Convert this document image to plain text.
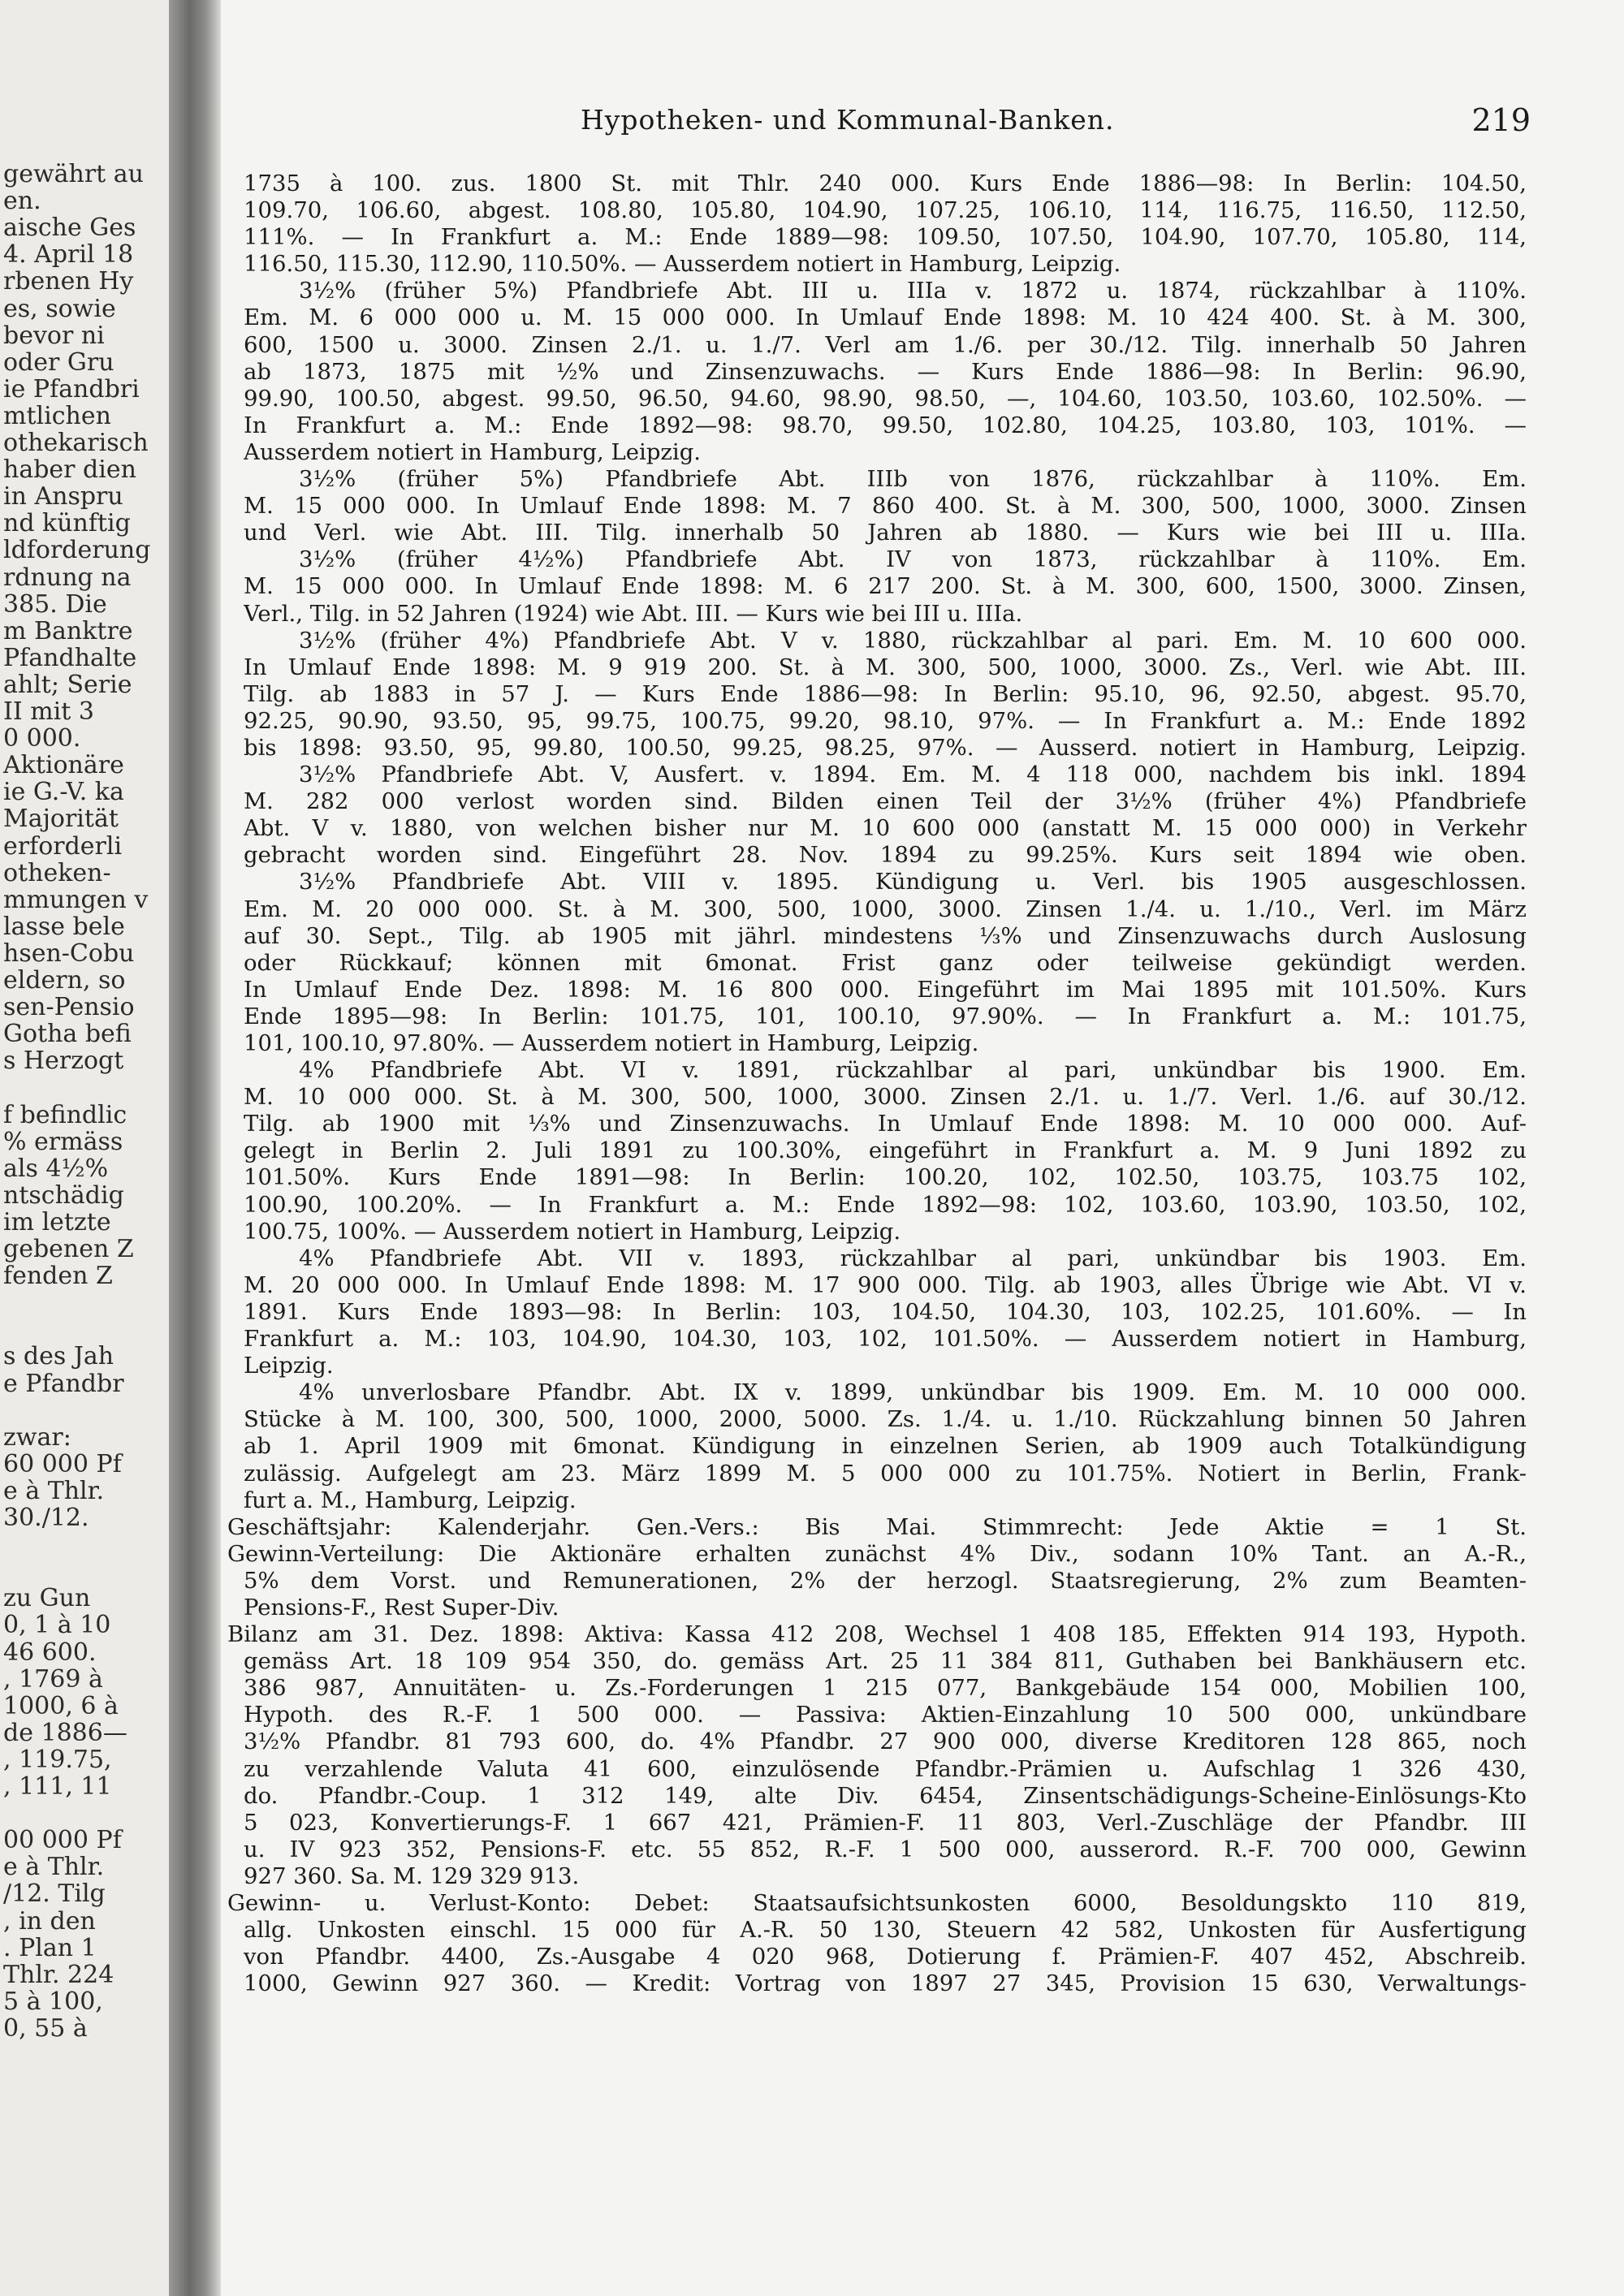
gewährt au
en.
aische Ges
4. April 18
rbenen Hy
es, sowie
bevor ni
oder Gru
ie Pfandbri
mtlichen
othekarisch
haber dien
in Anspru
nd künftig
ldforderung
rdnung na
385. Die
m Banktre
Pfandhalte
ahlt; Serie
II mit 3
0 000.
Aktionäre
ie G.-V. ka
Majorität
erforderli
otheken-
mmungen v
lasse bele
hsen-Cobu
eldern, so
sen-Pensio
Gotha befi
s Herzogt
f befindlic
% ermäss
als 4½%
ntschädig
im letzte
gebenen Z
fenden Z
s des Jah
e Pfandbr
zwar:
60 000 Pf
e à Thlr.
30./12.
zu Gun
0, 1 à 10
46 600.
, 1769 à
1000, 6 à
de 1886—
, 119.75,
, 111, 11
00 000 Pf
e à Thlr.
/12. Tilg
, in den
. Plan 1
Thlr. 224
5 à 100,
0, 55 à
Hypotheken- und Kommunal-Banken.	219
1735 à 100. zus. 1800 St. mit Thlr. 240 000. Kurs Ende 1886—98: In Berlin: 104.50,
109.70, 106.60, abgest. 108.80, 105.80, 104.90, 107.25, 106.10, 114, 116.75, 116.50, 112.50,
111%. — In Frankfurt a. M.: Ende 1889—98: 109.50, 107.50, 104.90, 107.70, 105.80, 114,
116.50, 115.30, 112.90, 110.50%. — Ausserdem notiert in Hamburg, Leipzig.
3½% (früher 5%) Pfandbriefe Abt. III u. IIIa v. 1872 u. 1874, rückzahlbar à 110%.
Em. M. 6 000 000 u. M. 15 000 000. In Umlauf Ende 1898: M. 10 424 400. St. à M. 300,
600, 1500 u. 3000. Zinsen 2./1. u. 1./7. Verl am 1./6. per 30./12. Tilg. innerhalb 50 Jahren
ab 1873, 1875 mit ½% und Zinsenzuwachs. — Kurs Ende 1886—98: In Berlin: 96.90,
99.90, 100.50, abgest. 99.50, 96.50, 94.60, 98.90, 98.50, —, 104.60, 103.50, 103.60, 102.50%. —
In Frankfurt a. M.: Ende 1892—98: 98.70, 99.50, 102.80, 104.25, 103.80, 103, 101%. —
Ausserdem notiert in Hamburg, Leipzig.
3½% (früher 5%) Pfandbriefe Abt. IIIb von 1876, rückzahlbar à 110%. Em.
M. 15 000 000. In Umlauf Ende 1898: M. 7 860 400. St. à M. 300, 500, 1000, 3000. Zinsen
und Verl. wie Abt. III. Tilg. innerhalb 50 Jahren ab 1880. — Kurs wie bei III u. IIIa.
3½% (früher 4½%) Pfandbriefe Abt. IV von 1873, rückzahlbar à 110%. Em.
M. 15 000 000. In Umlauf Ende 1898: M. 6 217 200. St. à M. 300, 600, 1500, 3000. Zinsen,
Verl., Tilg. in 52 Jahren (1924) wie Abt. III. — Kurs wie bei III u. IIIa.
3½% (früher 4%) Pfandbriefe Abt. V v. 1880, rückzahlbar al pari. Em. M. 10 600 000.
In Umlauf Ende 1898: M. 9 919 200. St. à M. 300, 500, 1000, 3000. Zs., Verl. wie Abt. III.
Tilg. ab 1883 in 57 J. — Kurs Ende 1886—98: In Berlin: 95.10, 96, 92.50, abgest. 95.70,
92.25, 90.90, 93.50, 95, 99.75, 100.75, 99.20, 98.10, 97%. — In Frankfurt a. M.: Ende 1892
bis 1898: 93.50, 95, 99.80, 100.50, 99.25, 98.25, 97%. — Ausserd. notiert in Hamburg, Leipzig.
3½% Pfandbriefe Abt. V, Ausfert. v. 1894. Em. M. 4 118 000, nachdem bis inkl. 1894
M. 282 000 verlost worden sind. Bilden einen Teil der 3½% (früher 4%) Pfandbriefe
Abt. V v. 1880, von welchen bisher nur M. 10 600 000 (anstatt M. 15 000 000) in Verkehr
gebracht worden sind. Eingeführt 28. Nov. 1894 zu 99.25%. Kurs seit 1894 wie oben.
3½% Pfandbriefe Abt. VIII v. 1895. Kündigung u. Verl. bis 1905 ausgeschlossen.
Em. M. 20 000 000. St. à M. 300, 500, 1000, 3000. Zinsen 1./4. u. 1./10., Verl. im März
auf 30. Sept., Tilg. ab 1905 mit jährl. mindestens ⅓% und Zinsenzuwachs durch Auslosung
oder Rückkauf; können mit 6monat. Frist ganz oder teilweise gekündigt werden.
In Umlauf Ende Dez. 1898: M. 16 800 000. Eingeführt im Mai 1895 mit 101.50%. Kurs
Ende 1895—98: In Berlin: 101.75, 101, 100.10, 97.90%. — In Frankfurt a. M.: 101.75,
101, 100.10, 97.80%. — Ausserdem notiert in Hamburg, Leipzig.
4% Pfandbriefe Abt. VI v. 1891, rückzahlbar al pari, unkündbar bis 1900. Em.
M. 10 000 000. St. à M. 300, 500, 1000, 3000. Zinsen 2./1. u. 1./7. Verl. 1./6. auf 30./12.
Tilg. ab 1900 mit ⅓% und Zinsenzuwachs. In Umlauf Ende 1898: M. 10 000 000. Auf-
gelegt in Berlin 2. Juli 1891 zu 100.30%, eingeführt in Frankfurt a. M. 9 Juni 1892 zu
101.50%. Kurs Ende 1891—98: In Berlin: 100.20, 102, 102.50, 103.75, 103.75 102,
100.90, 100.20%. — In Frankfurt a. M.: Ende 1892—98: 102, 103.60, 103.90, 103.50, 102,
100.75, 100%. — Ausserdem notiert in Hamburg, Leipzig.
4% Pfandbriefe Abt. VII v. 1893, rückzahlbar al pari, unkündbar bis 1903. Em.
M. 20 000 000. In Umlauf Ende 1898: M. 17 900 000. Tilg. ab 1903, alles Übrige wie Abt. VI v.
1891. Kurs Ende 1893—98: In Berlin: 103, 104.50, 104.30, 103, 102.25, 101.60%. — In
Frankfurt a. M.: 103, 104.90, 104.30, 103, 102, 101.50%. — Ausserdem notiert in Hamburg,
Leipzig.
4% unverlosbare Pfandbr. Abt. IX v. 1899, unkündbar bis 1909. Em. M. 10 000 000.
Stücke à M. 100, 300, 500, 1000, 2000, 5000. Zs. 1./4. u. 1./10. Rückzahlung binnen 50 Jahren
ab 1. April 1909 mit 6monat. Kündigung in einzelnen Serien, ab 1909 auch Totalkündigung
zulässig. Aufgelegt am 23. März 1899 M. 5 000 000 zu 101.75%. Notiert in Berlin, Frank-
furt a. M., Hamburg, Leipzig.
Geschäftsjahr: Kalenderjahr. Gen.-Vers.: Bis Mai. Stimmrecht: Jede Aktie = 1 St.
Gewinn-Verteilung: Die Aktionäre erhalten zunächst 4% Div., sodann 10% Tant. an A.-R.,
5% dem Vorst. und Remunerationen, 2% der herzogl. Staatsregierung, 2% zum Beamten-
Pensions-F., Rest Super-Div.
Bilanz am 31. Dez. 1898: Aktiva: Kassa 412 208, Wechsel 1 408 185, Effekten 914 193, Hypoth.
gemäss Art. 18 109 954 350, do. gemäss Art. 25 11 384 811, Guthaben bei Bankhäusern etc.
386 987, Annuitäten- u. Zs.-Forderungen 1 215 077, Bankgebäude 154 000, Mobilien 100,
Hypoth. des R.-F. 1 500 000. — Passiva: Aktien-Einzahlung 10 500 000, unkündbare
3½% Pfandbr. 81 793 600, do. 4% Pfandbr. 27 900 000, diverse Kreditoren 128 865, noch
zu verzahlende Valuta 41 600, einzulösende Pfandbr.-Prämien u. Aufschlag 1 326 430,
do. Pfandbr.-Coup. 1 312 149, alte Div. 6454, Zinsentschädigungs-Scheine-Einlösungs-Kto
5 023, Konvertierungs-F. 1 667 421, Prämien-F. 11 803, Verl.-Zuschläge der Pfandbr. III
u. IV 923 352, Pensions-F. etc. 55 852, R.-F. 1 500 000, ausserord. R.-F. 700 000, Gewinn
927 360. Sa. M. 129 329 913.
Gewinn- u. Verlust-Konto: Debet: Staatsaufsichtsunkosten 6000, Besoldungskto 110 819,
allg. Unkosten einschl. 15 000 für A.-R. 50 130, Steuern 42 582, Unkosten für Ausfertigung
von Pfandbr. 4400, Zs.-Ausgabe 4 020 968, Dotierung f. Prämien-F. 407 452, Abschreib.
1000, Gewinn 927 360. — Kredit: Vortrag von 1897 27 345, Provision 15 630, Verwaltungs-
